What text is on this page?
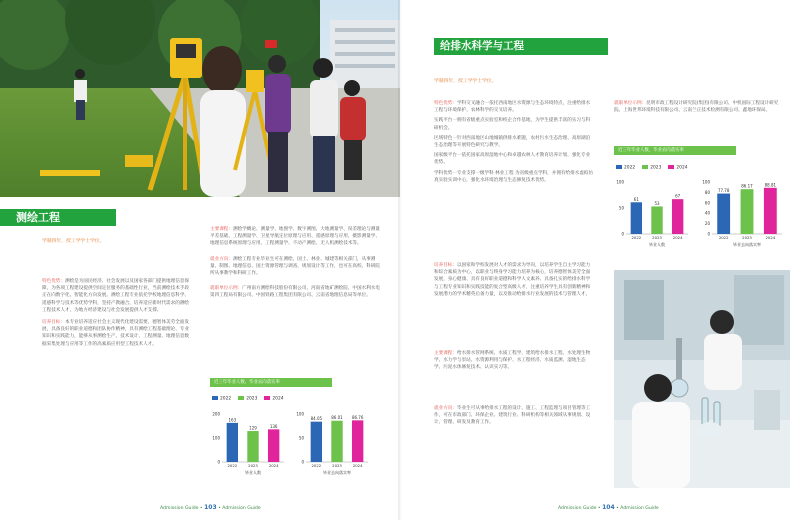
测绘工程
学制四年，授工学学士学位。

特色优势：测绘是为国民经济、社会发展以及国家各部门提供地理信息保障，为各项工程建设提供空间定位服务的基础性行业，当前测绘技术手段正在向数字化、智能化方向发展。测绘工程专业依托学校地理信息科学、遥感科学与技术等优势学科，坚持产教融合，培养适应新时代需求的测绘工程技术人才，为地方经济建设与社会发展提供人才支撑。

培养目标：本专业培养适应社会主义现代化建设需要，德智体美劳全面发展，具备良好的职业道德和团队协作精神，具有测绘工程基础理论、专业知识和实践能力，能够从事测绘生产、技术设计、工程测量、地理信息数据采集处理与应用等工作的高素质应用型工程技术人才。

主要课程：测绘学概论、测量学、地图学、数字测图、大地测量学、误差理论与测量平差基础、工程测量学、卫星导航定位原理与应用、遥感原理与应用、摄影测量学、地理信息系统原理与应用、工程测量学、不动产测绘、无人机测绘技术等。

就业方向：测绘工程专业毕业生可在测绘、国土、林业、城建等相关部门，从事测量、制图、地理信息、国土资源管理与调查、规划设计等工作，也可在高校、科研院所从事教学和科研工作。

就职单位示例：广州南方测绘科技股份有限公司、河南省地矿测绘院、中国水利水电第四工程局有限公司、中国铁路工程集团有限公司、云南省地理信息局等单位。

近三年毕业人数、毕业去向落实率
2022	2023	2024
0
100
200
163
2022
129
2023
136
2024
毕业人数
0
50
100
84.05
2022
86.01
2023
86.76
2024
毕业去向落实率
Admission Guide • 103 • Admission Guide
给排水科学与工程
学制四年，授工学学士学位。

特色优势：学科交叉融合一依托西南地区水资源与生态环境特点，注重给排水工程与环境保护、农林科学的交叉培养。

实践平台一拥有省级重点实验室和校企合作基地，为学生提供丰富的实习与科研机会。

区域特色一针对西南地区山地城镇供排水难题，农村污水生态治理、高原湖泊生态治理等开展特色研究与教学。

国家级平台一依托国家高原湿地中心和卓越农林人才教育培养计划，强化专业优势。

学科优势一专业支撑一级学科 林业工程 为省级重点学科，并拥有给排水虚拟仿真实验实训中心，强化水环境治理与生态修复技术优势。

培养目标：以国家和学校发展对人才的需求为导向，以培养学生自主学习能力和综合素质为中心，以职业与终身学习能力培养为核心，培养德智体美劳全面发展，身心健康、具有良好职业道德和科学人文素养、具备扎实的给排水科学与工程专业知识和实践技能的复合型高级人才，注重培养学生具有创新精神和发展潜力的学术精英后备力量，以及推动给排水行业发展的技术与管理人才。

主要课程：给水排水管网系统、水质工程学、建筑给水排水工程、水处理生物学、水力学与泵站、水资源利用与保护、水工程经济、水质监测、湿地生态学、污泥水体修复技术、认识实习等。

就业方向：毕业生可从事给排水工程的设计、施工、工程监理与项目管理等工作，可在市政部门、环保企业、建筑行业、科研机构等相关领域从事规划、设计、管理、研发及教育工作。

就职单位示例：昆明市政工程设计研究院(集团)有限公司、中机国际工程设计研究院、上海世邦环境科技有限公司、云南兰正技术检测有限公司、鑫地环保局。

近三年毕业人数、毕业去向落实率
2022	2023	2024
0
50
100
61
2022
53
2023
67
2024
毕业人数
0
20
40
60
80
100
77.78
2022
86.17
2023
88.81
2024
毕业去向落实率
Admission Guide • 104 • Admission Guide
